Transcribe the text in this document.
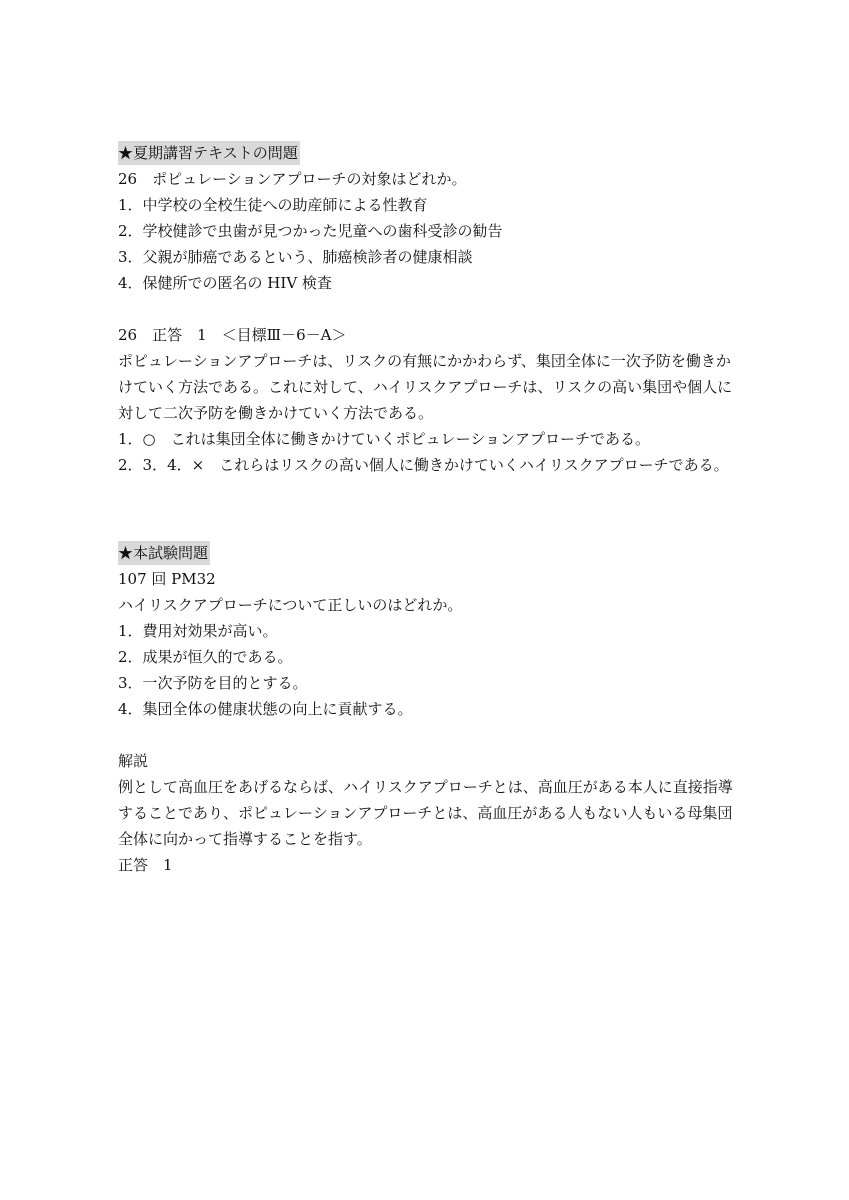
★夏期講習テキストの問題
26　ポピュレーションアプローチの対象はどれか。
1．中学校の全校生徒への助産師による性教育
2．学校健診で虫歯が見つかった児童への歯科受診の勧告
3．父親が肺癌であるという、肺癌検診者の健康相談
4．保健所での匿名の HIV 検査
26　正答　1　＜目標Ⅲ－6－A＞
ポピュレーションアプローチは、リスクの有無にかかわらず、集団全体に一次予防を働きかけていく方法である。これに対して、ハイリスクアプローチは、リスクの高い集団や個人に対して二次予防を働きかけていく方法である。
1．○　これは集団全体に働きかけていくポピュレーションアプローチである。
2．3．4．×　これらはリスクの高い個人に働きかけていくハイリスクアプローチである。
★本試験問題
107 回 PM32
ハイリスクアプローチについて正しいのはどれか。
1．費用対効果が高い。
2．成果が恒久的である。
3．一次予防を目的とする。
4．集団全体の健康状態の向上に貢献する。
解説
例として高血圧をあげるならば、ハイリスクアプローチとは、高血圧がある本人に直接指導することであり、ポピュレーションアプローチとは、高血圧がある人もない人もいる母集団全体に向かって指導することを指す。
正答　1
